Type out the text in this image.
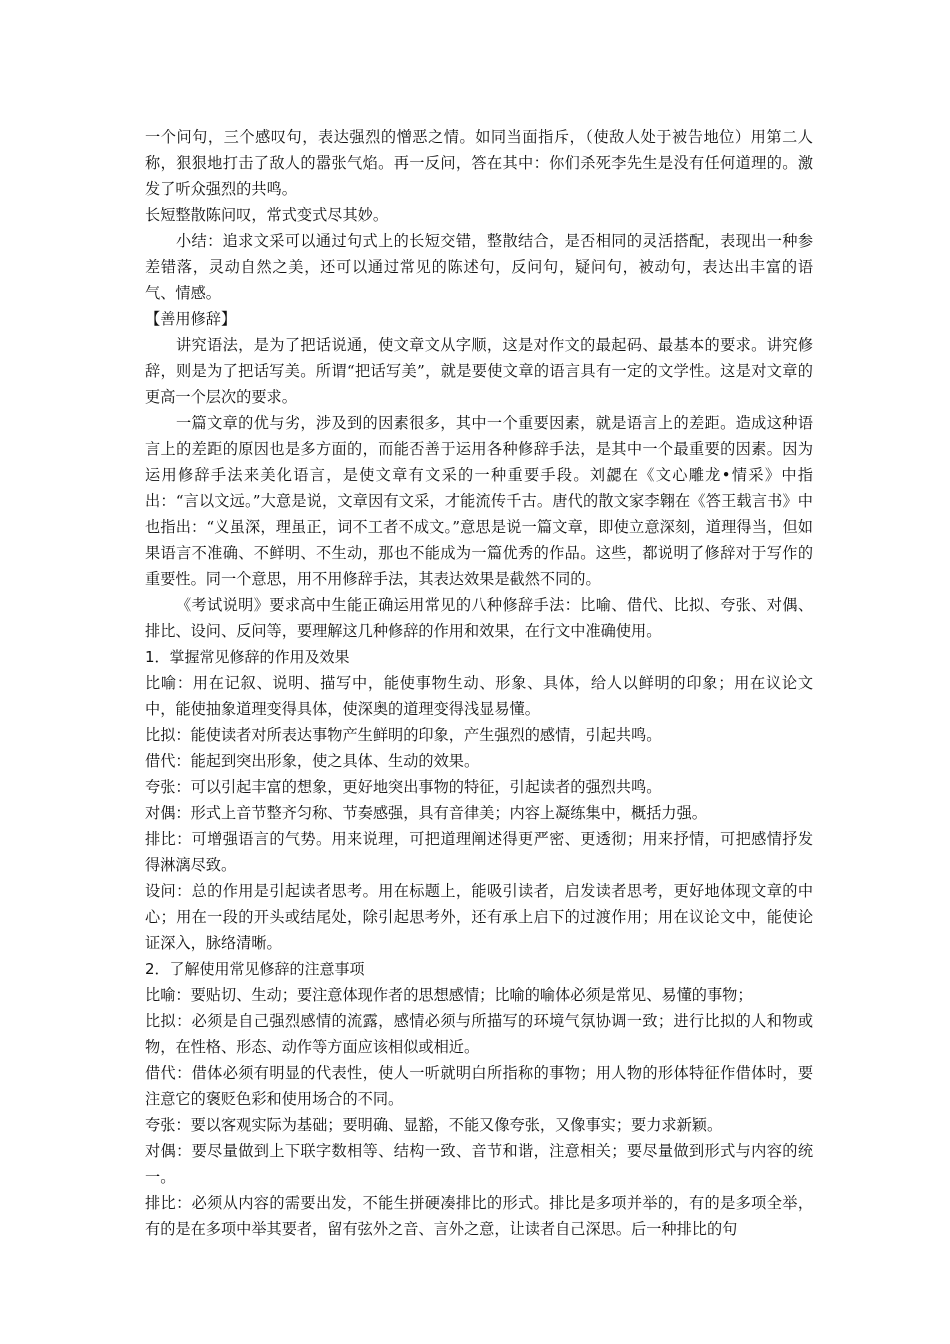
一个问句，三个感叹句，表达强烈的憎恶之情。如同当面指斥，（使敌人处于被告地位）用第二人称，狠狠地打击了敌人的嚣张气焰。再一反问，答在其中：你们杀死李先生是没有任何道理的。激发了听众强烈的共鸣。

长短整散陈问叹，常式变式尽其妙。

小结：追求文采可以通过句式上的长短交错，整散结合，是否相同的灵活搭配，表现出一种参差错落，灵动自然之美，还可以通过常见的陈述句，反问句，疑问句，被动句，表达出丰富的语气、情感。

【善用修辞】

讲究语法，是为了把话说通，使文章文从字顺，这是对作文的最起码、最基本的要求。讲究修辞，则是为了把话写美。所谓“把话写美”，就是要使文章的语言具有一定的文学性。这是对文章的更高一个层次的要求。

一篇文章的优与劣，涉及到的因素很多，其中一个重要因素，就是语言上的差距。造成这种语言上的差距的原因也是多方面的，而能否善于运用各种修辞手法，是其中一个最重要的因素。因为运用修辞手法来美化语言，是使文章有文采的一种重要手段。刘勰在《文心雕龙•情采》中指出：“言以文远。”大意是说，文章因有文采，才能流传千古。唐代的散文家李翱在《答王载言书》中也指出：“义虽深，理虽正，词不工者不成文。”意思是说一篇文章，即使立意深刻，道理得当，但如果语言不准确、不鲜明、不生动，那也不能成为一篇优秀的作品。这些，都说明了修辞对于写作的重要性。同一个意思，用不用修辞手法，其表达效果是截然不同的。

《考试说明》要求高中生能正确运用常见的八种修辞手法：比喻、借代、比拟、夸张、对偶、排比、设问、反问等，要理解这几种修辞的作用和效果，在行文中准确使用。

1．掌握常见修辞的作用及效果

比喻：用在记叙、说明、描写中，能使事物生动、形象、具体，给人以鲜明的印象；用在议论文中，能使抽象道理变得具体，使深奥的道理变得浅显易懂。

比拟：能使读者对所表达事物产生鲜明的印象，产生强烈的感情，引起共鸣。

借代：能起到突出形象，使之具体、生动的效果。

夸张：可以引起丰富的想象，更好地突出事物的特征，引起读者的强烈共鸣。

对偶：形式上音节整齐匀称、节奏感强，具有音律美；内容上凝练集中，概括力强。

排比：可增强语言的气势。用来说理，可把道理阐述得更严密、更透彻；用来抒情，可把感情抒发得淋漓尽致。

设问：总的作用是引起读者思考。用在标题上，能吸引读者，启发读者思考，更好地体现文章的中心；用在一段的开头或结尾处，除引起思考外，还有承上启下的过渡作用；用在议论文中，能使论证深入，脉络清晰。

2．了解使用常见修辞的注意事项

比喻：要贴切、生动；要注意体现作者的思想感情；比喻的喻体必须是常见、易懂的事物；

比拟：必须是自己强烈感情的流露，感情必须与所描写的环境气氛协调一致；进行比拟的人和物或物，在性格、形态、动作等方面应该相似或相近。

借代：借体必须有明显的代表性，使人一听就明白所指称的事物；用人物的形体特征作借体时，要注意它的褒贬色彩和使用场合的不同。

夸张：要以客观实际为基础；要明确、显豁，不能又像夸张，又像事实；要力求新颖。

对偶：要尽量做到上下联字数相等、结构一致、音节和谐，注意相关；要尽量做到形式与内容的统一。

排比：必须从内容的需要出发，不能生拼硬凑排比的形式。排比是多项并举的，有的是多项全举，有的是在多项中举其要者，留有弦外之音、言外之意，让读者自己深思。后一种排比的句
